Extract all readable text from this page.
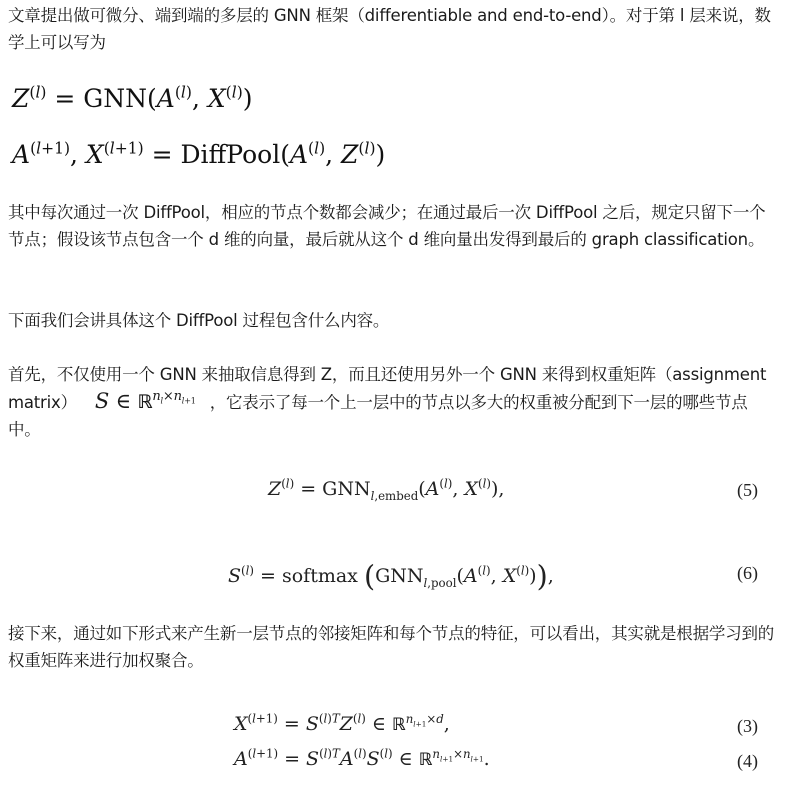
文章提出做可微分、端到端的多层的 GNN 框架（differentiable and end-to-end）。对于第 l 层来说，数学上可以写为

$Z^{(l)} = GNN(A^{(l)}$, $X^{(l)}$)
$A^{(l+1)}$, $X^{(l+1)}$ = $DiffPool(A^{(l)}$, $Z^{(l)}$)

其中每次通过一次 DiffPool，相应的节点个数都会减少；在通过最后一次 DiffPool 之后，规定只留下一个节点；假设该节点包含一个 d 维的向量，最后就从这个 d 维向量出发得到最后的 graph classification。

下面我们会讲具体这个 DiffPool 过程包含什么内容。

首先，不仅使用一个 GNN 来抽取信息得到 Z，而且还使用另外一个 GNN 来得到权重矩阵（assignment matrix） S ∈ ℝ$^{n_l\times n_{l+1}}$ ，它表示了每一个上一层中的节点以多大的权重被分配到下一层的哪些节点中。

$Z^{(l)} = GNN_{l,embed}(A^{(l)}$, $X^{(l)}$),	(5)
$S^{(l)}$ = softmax ($GNN_{l,pool}(A^{(l)}$, $X^{(l)}$)),	(6)

接下来，通过如下形式来产生新一层节点的邻接矩阵和每个节点的特征，可以看出，其实就是根据学习到的权重矩阵来进行加权聚合。

$X^{(l+1)} = S^{(l)T}Z^{(l)}$ ∈ ℝ$^{n_{l+1}\times d}$,	(3)
$A^{(l+1)} = S^{(l)T}A^{(l)}S^{(l)}$ ∈ ℝ$^{n_{l+1}\times n_{l+1}}$.	(4)
